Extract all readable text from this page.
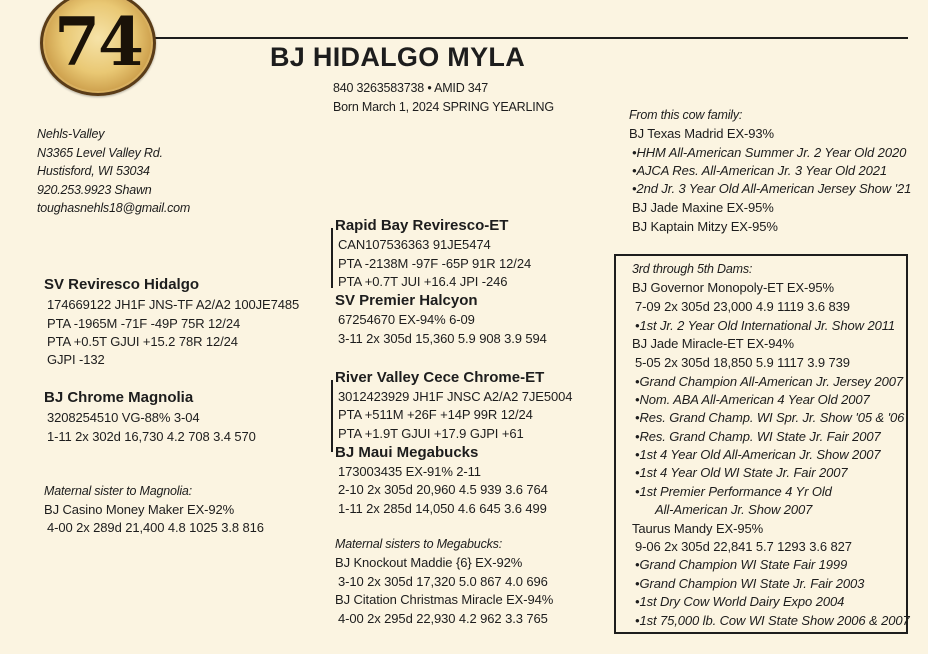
74	BJ HIDALGO MYLA
840 3263583738 • AMID 347
Born March 1, 2024 SPRING YEARLING
Nehls-Valley
N3365 Level Valley Rd.
Hustisford, WI 53034
920.253.9923 Shawn
toughasnehls18@gmail.com
SV Reviresco Hidalgo
174669122 JH1F JNS-TF A2/A2 100JE7485
PTA -1965M -71F -49P 75R 12/24
PTA +0.5T GJUI +15.2 78R 12/24
GJPI -132
BJ Chrome Magnolia
3208254510 VG-88% 3-04
1-11 2x 302d 16,730 4.2 708 3.4 570
Maternal sister to Magnolia:
BJ Casino Money Maker EX-92%
4-00 2x 289d 21,400 4.8 1025 3.8 816
Rapid Bay Reviresco-ET
CAN107536363 91JE5474
PTA -2138M -97F -65P 91R 12/24
PTA +0.7T JUI +16.4 JPI -246
SV Premier Halcyon
67254670 EX-94% 6-09
3-11 2x 305d 15,360 5.9 908 3.9 594
River Valley Cece Chrome-ET
3012423929 JH1F JNSC A2/A2 7JE5004
PTA +511M +26F +14P 99R 12/24
PTA +1.9T GJUI +17.9 GJPI +61
BJ Maui Megabucks
173003435 EX-91% 2-11
2-10 2x 305d 20,960 4.5 939 3.6 764
1-11 2x 285d 14,050 4.6 645 3.6 499
Maternal sisters to Megabucks:
BJ Knockout Maddie {6} EX-92%
3-10 2x 305d 17,320 5.0 867 4.0 696
BJ Citation Christmas Miracle EX-94%
4-00 2x 295d 22,930 4.2 962 3.3 765
From this cow family:
BJ Texas Madrid EX-93%
•HHM All-American Summer Jr. 2 Year Old 2020
•AJCA Res. All-American Jr. 3 Year Old 2021
•2nd Jr. 3 Year Old All-American Jersey Show '21
BJ Jade Maxine EX-95%
BJ Kaptain Mitzy EX-95%
3rd through 5th Dams:
BJ Governor Monopoly-ET EX-95%
7-09 2x 305d 23,000 4.9 1119 3.6 839
•1st Jr. 2 Year Old International Jr. Show 2011
BJ Jade Miracle-ET EX-94%
5-05 2x 305d 18,850 5.9 1117 3.9 739
•Grand Champion All-American Jr. Jersey 2007
•Nom. ABA All-American 4 Year Old 2007
•Res. Grand Champ. WI Spr. Jr. Show '05 & '06
•Res. Grand Champ. WI State Jr. Fair 2007
•1st 4 Year Old All-American Jr. Show 2007
•1st 4 Year Old WI State Jr. Fair 2007
•1st Premier Performance 4 Yr Old
All-American Jr. Show 2007
Taurus Mandy EX-95%
9-06 2x 305d 22,841 5.7 1293 3.6 827
•Grand Champion WI State Fair 1999
•Grand Champion WI State Jr. Fair 2003
•1st Dry Cow World Dairy Expo 2004
•1st 75,000 lb. Cow WI State Show 2006 & 2007
